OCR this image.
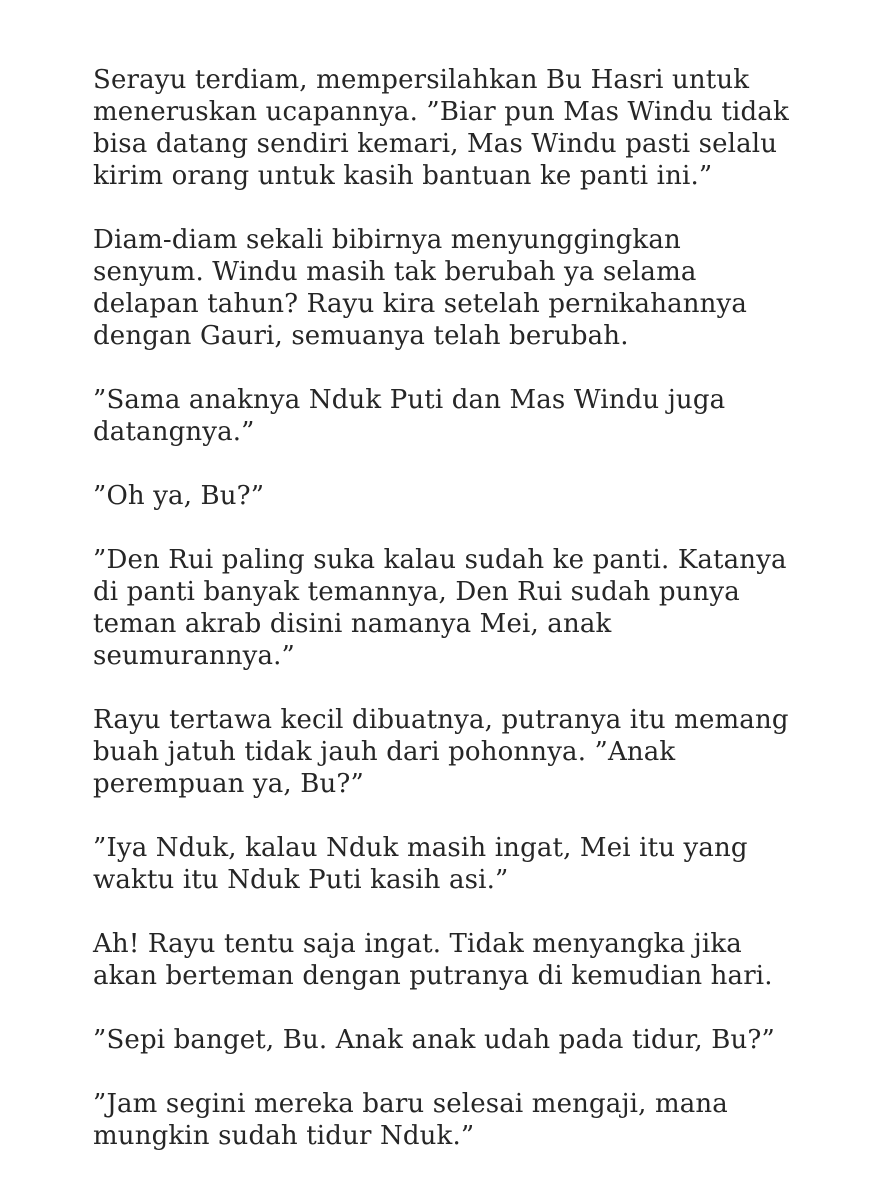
Serayu terdiam, mempersilahkan Bu Hasri untuk
meneruskan ucapannya. ”Biar pun Mas Windu tidak
bisa datang sendiri kemari, Mas Windu pasti selalu
kirim orang untuk kasih bantuan ke panti ini.”

Diam-diam sekali bibirnya menyunggingkan
senyum. Windu masih tak berubah ya selama
delapan tahun? Rayu kira setelah pernikahannya
dengan Gauri, semuanya telah berubah.

”Sama anaknya Nduk Puti dan Mas Windu juga
datangnya.”

”Oh ya, Bu?”

”Den Rui paling suka kalau sudah ke panti. Katanya
di panti banyak temannya, Den Rui sudah punya
teman akrab disini namanya Mei, anak
seumurannya.”

Rayu tertawa kecil dibuatnya, putranya itu memang
buah jatuh tidak jauh dari pohonnya. ”Anak
perempuan ya, Bu?”

”Iya Nduk, kalau Nduk masih ingat, Mei itu yang
waktu itu Nduk Puti kasih asi.”

Ah! Rayu tentu saja ingat. Tidak menyangka jika
akan berteman dengan putranya di kemudian hari.

”Sepi banget, Bu. Anak anak udah pada tidur, Bu?”

”Jam segini mereka baru selesai mengaji, mana
mungkin sudah tidur Nduk.”
